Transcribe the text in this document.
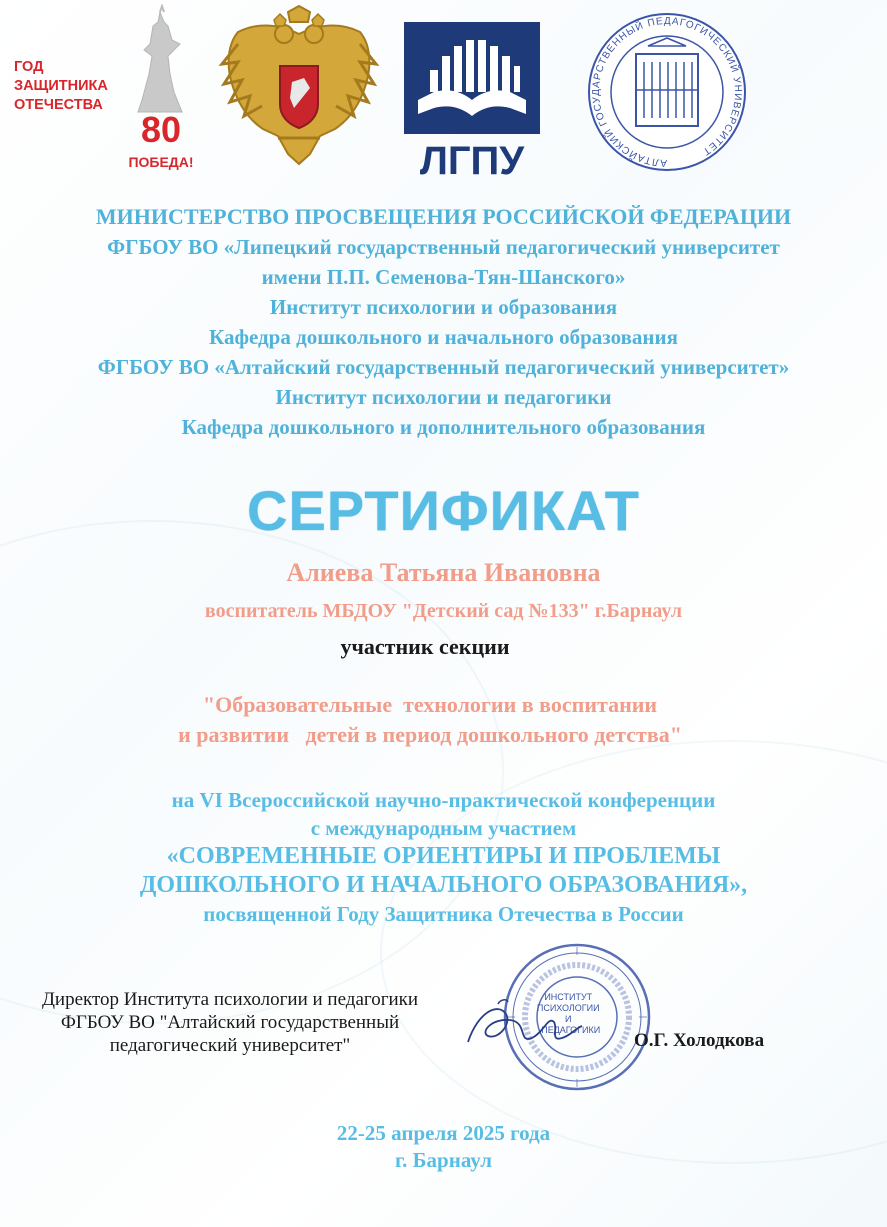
ГОД
ЗАЩИТНИКА
ОТЕЧЕСТВА
80
ПОБЕДА!	ЛГПУ	АЛТАЙСКИЙ ГОСУДАРСТВЕННЫЙ ПЕДАГОГИЧЕСКИЙ УНИВЕРСИТЕТ
МИНИСТЕРСТВО ПРОСВЕЩЕНИЯ РОССИЙСКОЙ ФЕДЕРАЦИИ
ФГБОУ ВО «Липецкий государственный педагогический университет
имени П.П. Семенова-Тян-Шанского»
Институт психологии и образования
Кафедра дошкольного и начального образования
ФГБОУ ВО «Алтайский государственный педагогический университет»
Институт психологии и педагогики
Кафедра дошкольного и дополнительного образования
СЕРТИФИКАТ
Алиева Татьяна Ивановна
воспитатель МБДОУ "Детский сад №133" г.Барнаул
участник секции
"Образовательные  технологии в воспитании
и развитии   детей в период дошкольного детства"
на VI Всероссийской научно-практической конференции
с международным участием
«СОВРЕМЕННЫЕ ОРИЕНТИРЫ И ПРОБЛЕМЫ
ДОШКОЛЬНОГО И НАЧАЛЬНОГО ОБРАЗОВАНИЯ»,
посвященной Году Защитника Отечества в России
Директор Института психологии и педагогики
ФГБОУ ВО "Алтайский государственный
педагогический университет"
ИНСТИТУТ ПСИХОЛОГИИ И ПЕДАГОГИКИ	О.Г. Холодкова
22-25 апреля 2025 года
г. Барнаул
